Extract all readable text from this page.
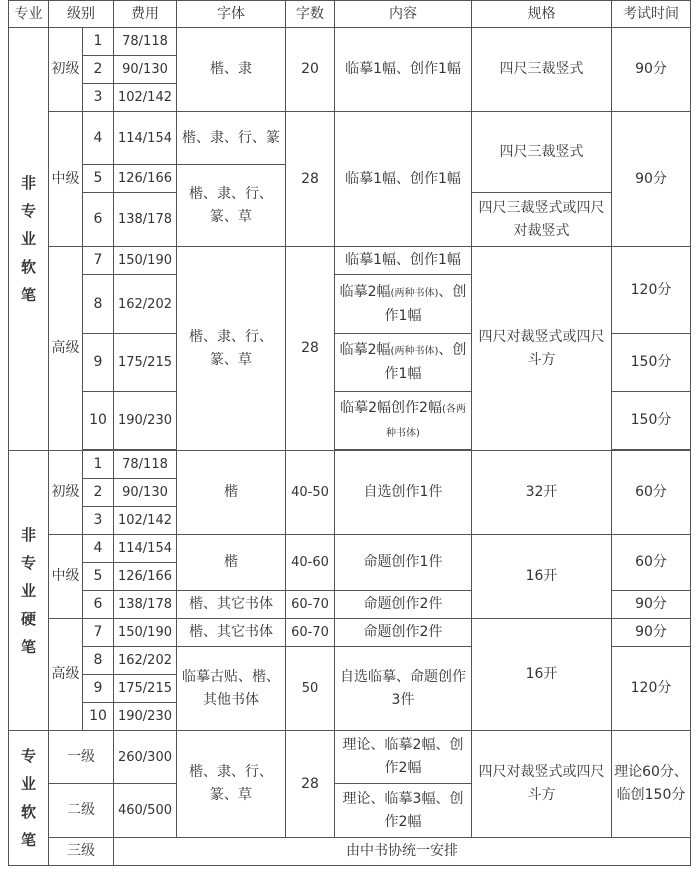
专业	级别		费用	字体	字数	内容	规格	考试时间

非专业软笔	初级	1	78/118	楷、隶	20	临摹1幅、创作1幅	四尺三裁竖式	90分
		2	90/130					
		3	102/142					
	中级	4	114/154	楷、隶、行、篆	28	临摹1幅、创作1幅	四尺三裁竖式	90分
		5	126/166	楷、隶、行、篆、草				
		6	138/178				四尺三裁竖式或四尺对裁竖式	

	高级	7	150/190	楷、隶、行、篆、草	28	临摹1幅、创作1幅	四尺对裁竖式或四尺斗方	120分
		8	162/202			临摹2幅(两种书体)、创作1幅		

		9	175/215			临摹2幅(两种书体)、创作1幅		150分

		10	190/230			临摹2幅创作2幅(各两种书体)		150分

非专业硬笔	初级	1	78/118	楷	40-50	自选创作1件	32开	60分
		2	90/130					
		3	102/142					
	中级	4	114/154	楷	40-60	命题创作1件	16开	60分
		5	126/166					
		6	138/178	楷、其它书体	60-70	命题创作2件		90分
	高级	7	150/190	楷、其它书体	60-70	命题创作2件	16开	90分
		8	162/202	临摹古贴、楷、其他书体	50	自选临摹、命题创作3件		120分
		9	175/215					
		10	190/230					

专业软笔	一级		260/300	楷、隶、行、篆、草	28	理论、临摹2幅、创作2幅	四尺对裁竖式或四尺斗方	理论60分、临创150分
	二级		460/500			理论、临摹3幅、创作2幅		
	三级		由中书协统一安排					
